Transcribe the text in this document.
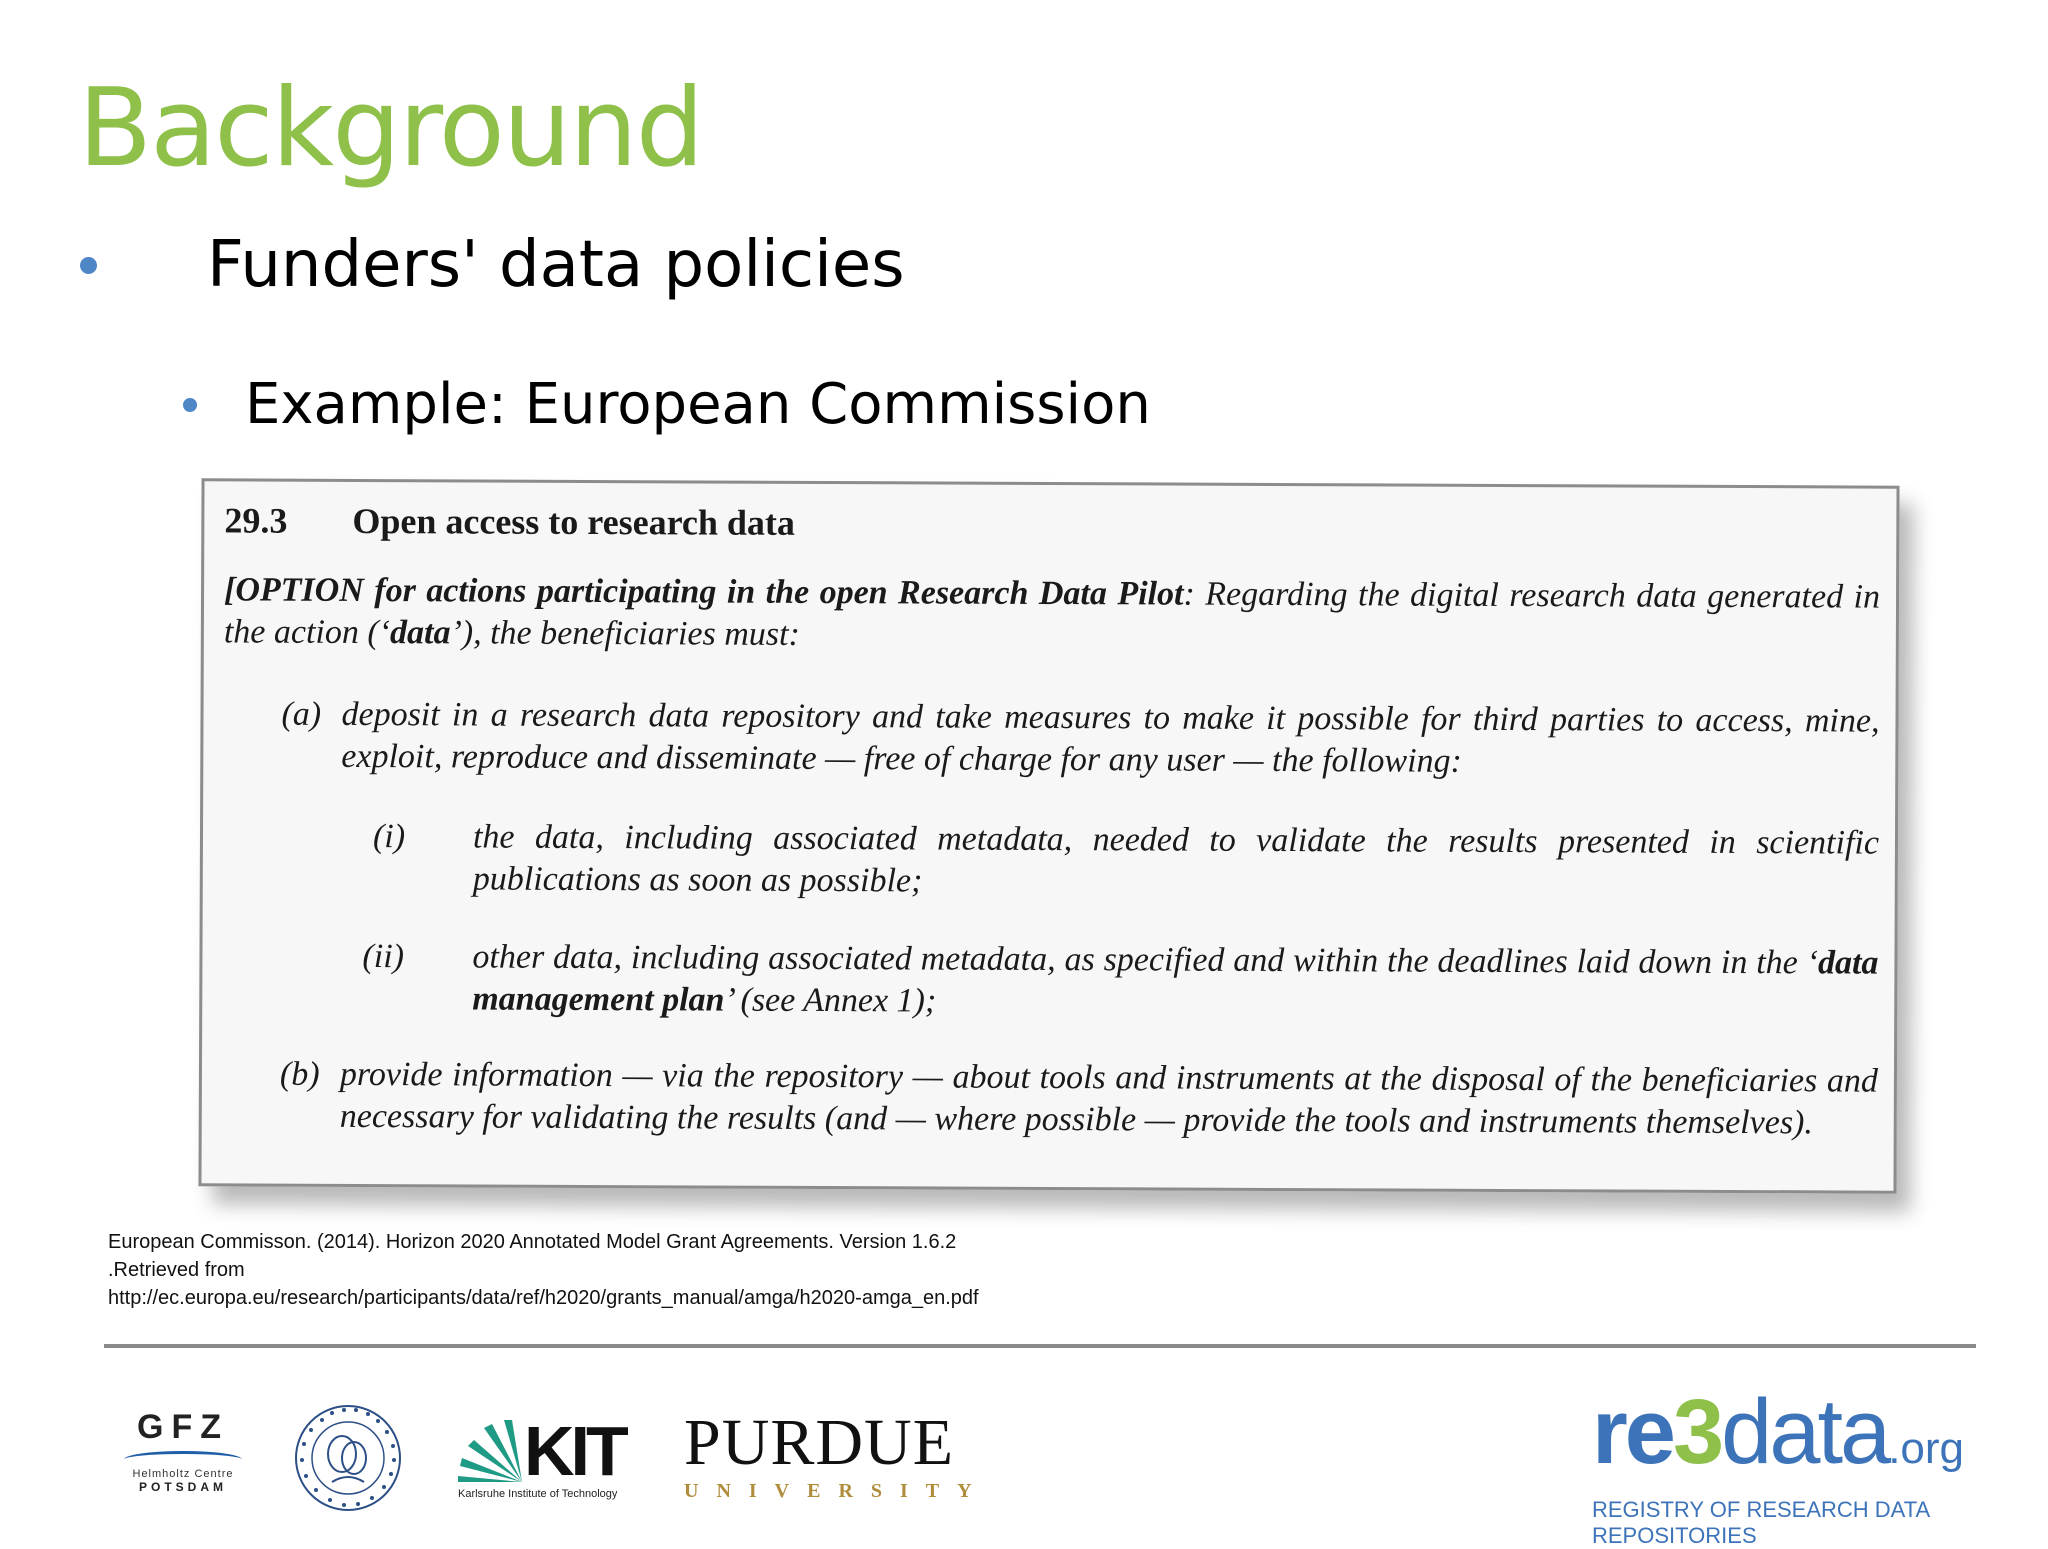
Background
Funders' data policies
Example: European Commission
29.3 Open access to research data
[OPTION for actions participating in the open Research Data Pilot: Regarding the digital research data generated in the action (‘data’), the beneficiaries must:
(a) deposit in a research data repository and take measures to make it possible for third parties to access, mine, exploit, reproduce and disseminate — free of charge for any user — the following:
(i) the data, including associated metadata, needed to validate the results presented in scientific publications as soon as possible;
(ii) other data, including associated metadata, as specified and within the deadlines laid down in the ‘data management plan’ (see Annex 1);
(b) provide information — via the repository — about tools and instruments at the disposal of the beneficiaries and necessary for validating the results (and — where possible — provide the tools and instruments themselves).
European Commisson. (2014). Horizon 2020 Annotated Model Grant Agreements. Version 1.6.2
.Retrieved from
http://ec.europa.eu/research/participants/data/ref/h2020/grants_manual/amga/h2020-amga_en.pdf
GFZ
Helmholtz Centre
POTSDAM	KIT
Karlsruhe Institute of Technology
PURDUE
UNIVERSITY
re3data.org
REGISTRY OF RESEARCH DATA REPOSITORIES
